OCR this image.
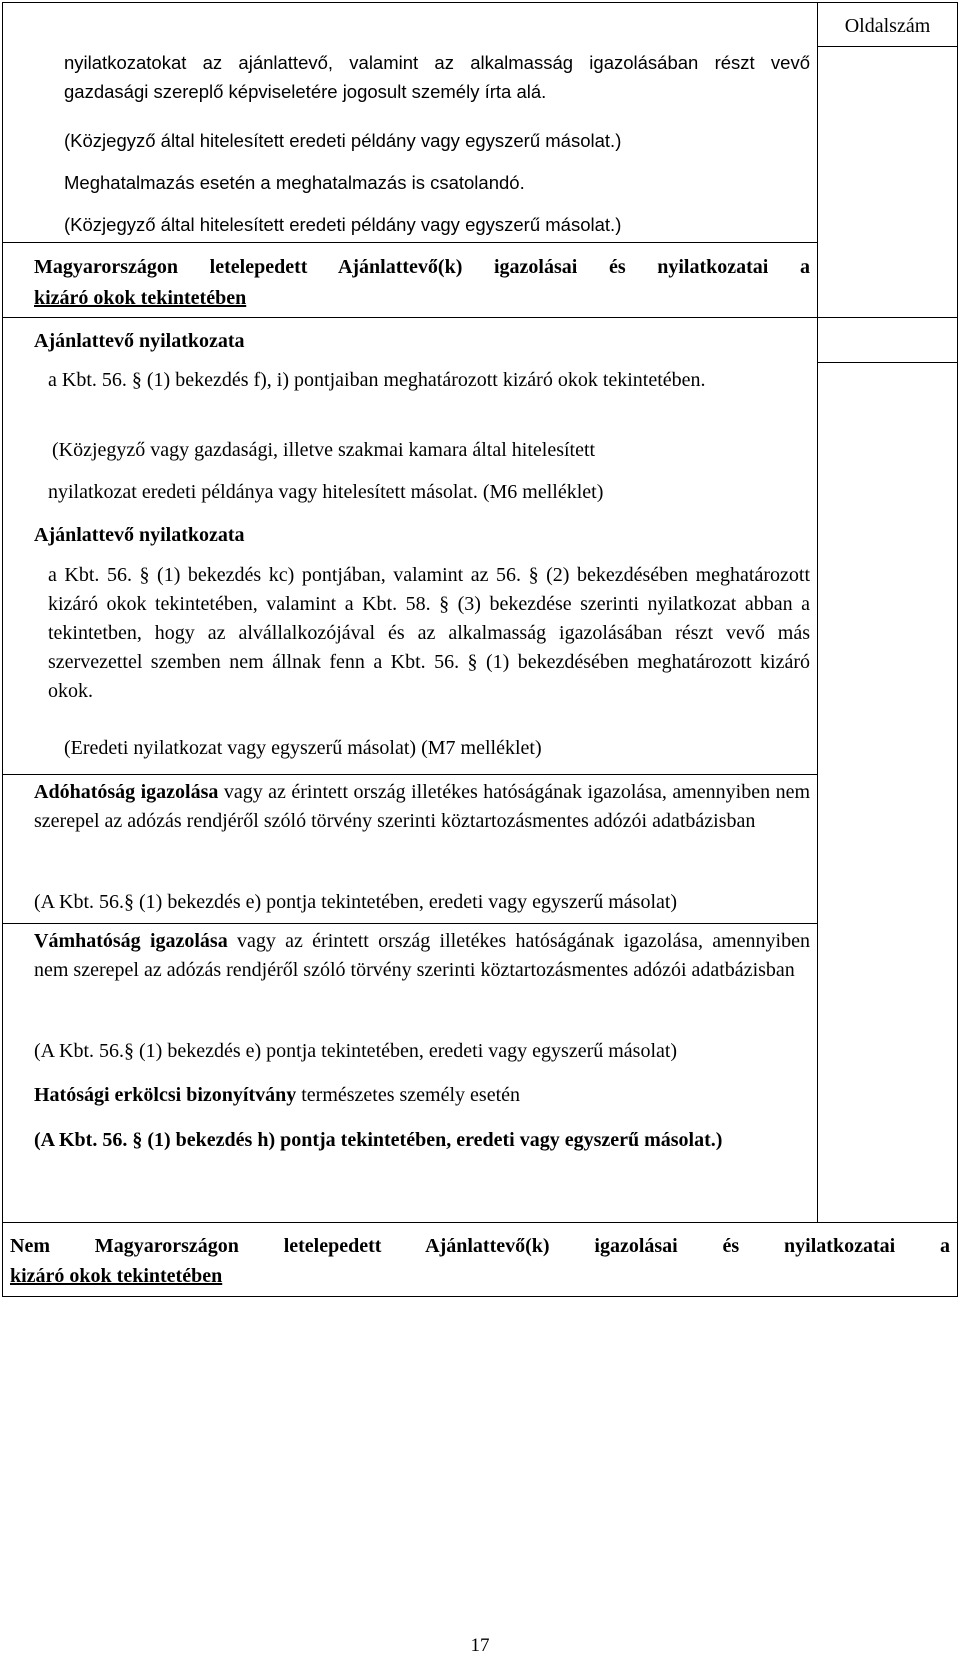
Oldalszám
nyilatkozatokat az ajánlattevő, valamint az alkalmasság igazolásában részt vevő gazdasági szereplő képviseletére jogosult személy írta alá.
(Közjegyző által hitelesített eredeti példány vagy egyszerű másolat.)
Meghatalmazás esetén a meghatalmazás is csatolandó.
(Közjegyző által hitelesített eredeti példány vagy egyszerű másolat.)
Magyarországon letelepedett Ajánlattevő(k) igazolásai és nyilatkozatai a
kizáró okok tekintetében
Ajánlattevő nyilatkozata
a Kbt. 56. § (1) bekezdés f), i) pontjaiban meghatározott kizáró okok tekintetében.
(Közjegyző vagy gazdasági, illetve szakmai kamara által hitelesített
nyilatkozat eredeti példánya vagy hitelesített másolat. (M6 melléklet)
Ajánlattevő nyilatkozata
a Kbt. 56. § (1) bekezdés kc) pontjában, valamint az 56. § (2) bekezdésében meghatározott kizáró okok tekintetében, valamint a Kbt. 58. § (3) bekezdése szerinti nyilatkozat abban a tekintetben, hogy az alvállalkozójával és az alkalmasság igazolásában részt vevő más szervezettel szemben nem állnak fenn a Kbt. 56. § (1) bekezdésében meghatározott kizáró okok.
(Eredeti nyilatkozat vagy egyszerű másolat) (M7 melléklet)
Adóhatóság igazolása vagy az érintett ország illetékes hatóságának igazolása, amennyiben nem szerepel az adózás rendjéről szóló törvény szerinti köztartozásmentes adózói adatbázisban
(A Kbt. 56.§ (1) bekezdés e) pontja tekintetében, eredeti vagy egyszerű másolat)
Vámhatóság igazolása vagy az érintett ország illetékes hatóságának igazolása, amennyiben nem szerepel az adózás rendjéről szóló törvény szerinti köztartozásmentes adózói adatbázisban
(A Kbt. 56.§ (1) bekezdés e) pontja tekintetében, eredeti vagy egyszerű másolat)
Hatósági erkölcsi bizonyítvány természetes személy esetén
(A Kbt. 56. § (1) bekezdés h) pontja tekintetében, eredeti vagy egyszerű másolat.)
Nem Magyarországon letelepedett Ajánlattevő(k) igazolásai és nyilatkozatai a
kizáró okok tekintetében
17
